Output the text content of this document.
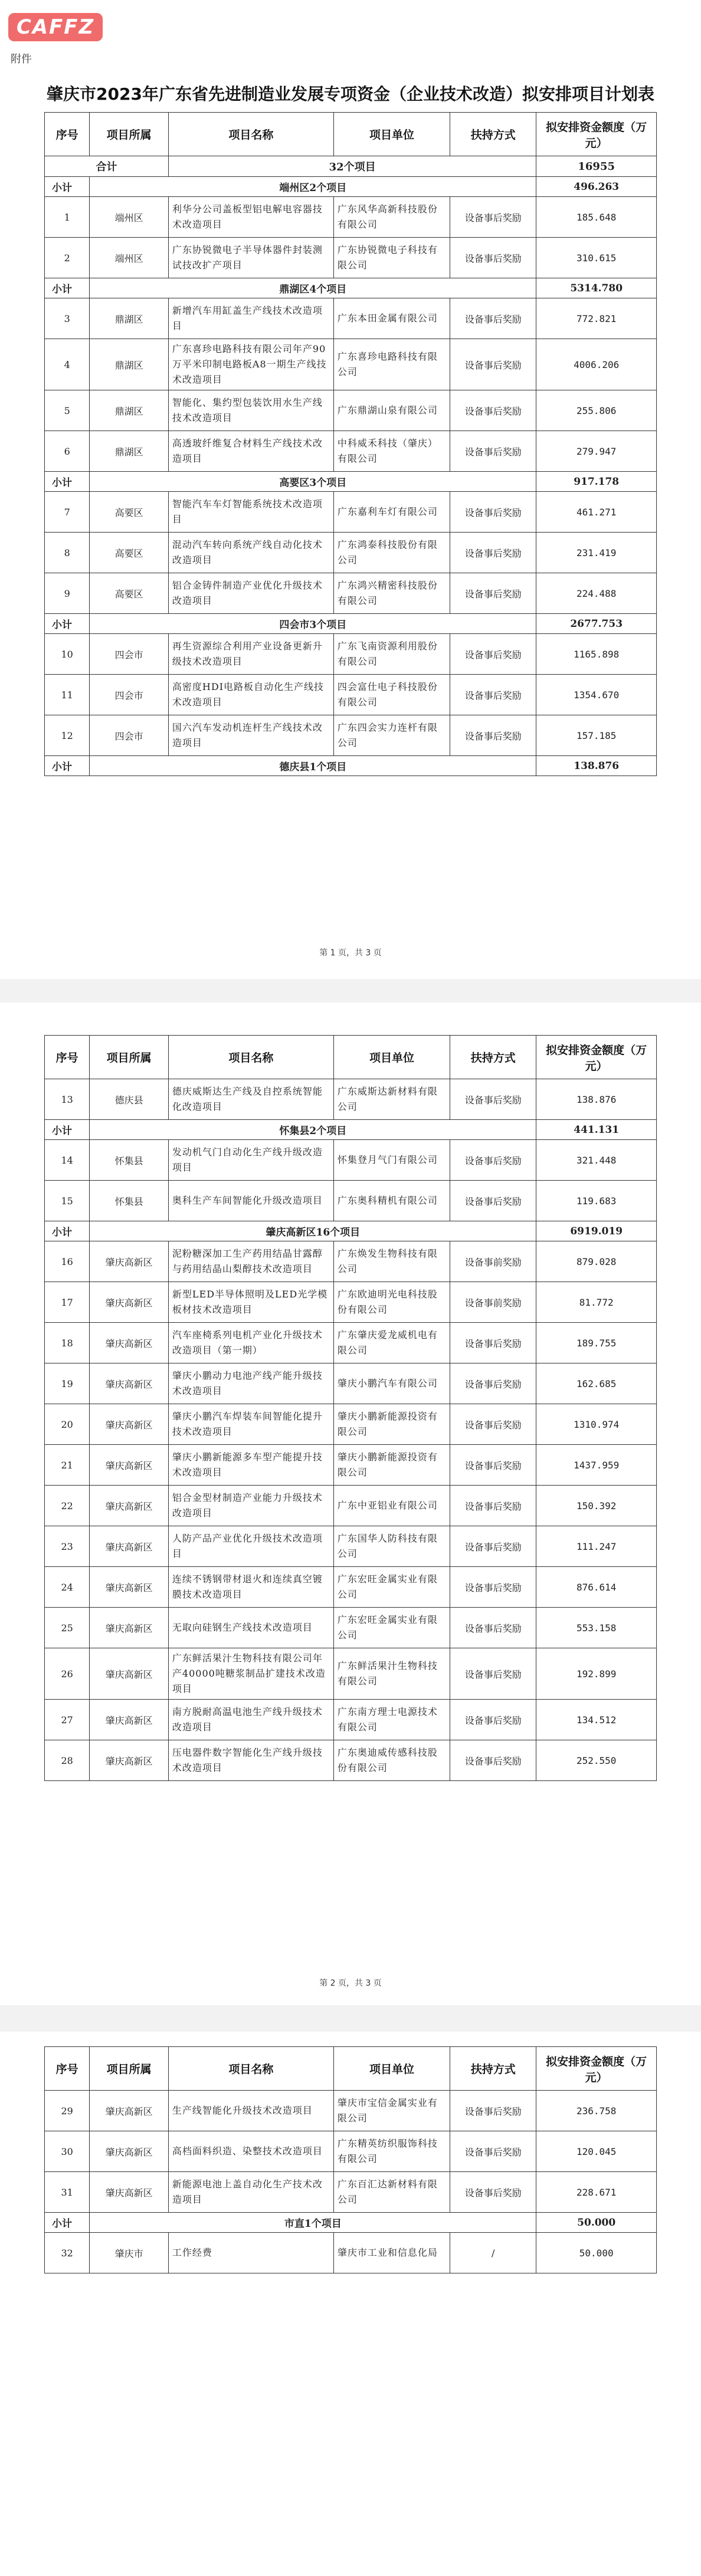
CAFFZ
附件
肇庆市2023年广东省先进制造业发展专项资金（企业技术改造）拟安排项目计划表
序号	项目所属	项目名称	项目单位	扶持方式	拟安排资金额度（万元）
合计		32个项目			16955
小计	端州区2个项目				496.263
1	端州区	利华分公司盖板型铝电解电容器技术改造项目	广东风华高新科技股份有限公司	设备事后奖励	185.648
2	端州区	广东协锐微电子半导体器件封装测试技改扩产项目	广东协锐微电子科技有限公司	设备事后奖励	310.615
小计	鼎湖区4个项目				5314.780
3	鼎湖区	新增汽车用缸盖生产线技术改造项目	广东本田金属有限公司	设备事后奖励	772.821
4	鼎湖区	广东喜珍电路科技有限公司年产90万平米印制电路板A8一期生产线技术改造项目	广东喜珍电路科技有限公司	设备事后奖励	4006.206
5	鼎湖区	智能化、集约型包装饮用水生产线技术改造项目	广东鼎湖山泉有限公司	设备事后奖励	255.806
6	鼎湖区	高透玻纤维复合材料生产线技术改造项目	中科威禾科技（肇庆）有限公司	设备事后奖励	279.947
小计	高要区3个项目				917.178
7	高要区	智能汽车车灯智能系统技术改造项目	广东嘉利车灯有限公司	设备事后奖励	461.271
8	高要区	混动汽车转向系统产线自动化技术改造项目	广东鸿泰科技股份有限公司	设备事后奖励	231.419
9	高要区	铝合金铸件制造产业优化升级技术改造项目	广东鸿兴精密科技股份有限公司	设备事后奖励	224.488
小计	四会市3个项目				2677.753
10	四会市	再生资源综合利用产业设备更新升级技术改造项目	广东飞南资源利用股份有限公司	设备事后奖励	1165.898
11	四会市	高密度HDI电路板自动化生产线技术改造项目	四会富仕电子科技股份有限公司	设备事后奖励	1354.670
12	四会市	国六汽车发动机连杆生产线技术改造项目	广东四会实力连杆有限公司	设备事后奖励	157.185
小计	德庆县1个项目				138.876
第 1 页，共 3 页
序号	项目所属	项目名称	项目单位	扶持方式	拟安排资金额度（万元）
13	德庆县	德庆威斯达生产线及自控系统智能化改造项目	广东威斯达新材料有限公司	设备事后奖励	138.876
小计	怀集县2个项目				441.131
14	怀集县	发动机气门自动化生产线升级改造项目	怀集登月气门有限公司	设备事后奖励	321.448
15	怀集县	奥科生产车间智能化升级改造项目	广东奥科精机有限公司	设备事后奖励	119.683
小计	肇庆高新区16个项目				6919.019
16	肇庆高新区	泥粉糖深加工生产药用结晶甘露醇与药用结晶山梨醇技术改造项目	广东焕发生物科技有限公司	设备事前奖励	879.028
17	肇庆高新区	新型LED半导体照明及LED光学模板材技术改造项目	广东欧迪明光电科技股份有限公司	设备事前奖励	81.772
18	肇庆高新区	汽车座椅系列电机产业化升级技术改造项目（第一期）	广东肇庆爱龙威机电有限公司	设备事后奖励	189.755
19	肇庆高新区	肇庆小鹏动力电池产线产能升级技术改造项目	肇庆小鹏汽车有限公司	设备事后奖励	162.685
20	肇庆高新区	肇庆小鹏汽车焊装车间智能化提升技术改造项目	肇庆小鹏新能源投资有限公司	设备事后奖励	1310.974
21	肇庆高新区	肇庆小鹏新能源多车型产能提升技术改造项目	肇庆小鹏新能源投资有限公司	设备事后奖励	1437.959
22	肇庆高新区	铝合金型材制造产业能力升级技术改造项目	广东中亚铝业有限公司	设备事后奖励	150.392
23	肇庆高新区	人防产品产业优化升级技术改造项目	广东国华人防科技有限公司	设备事后奖励	111.247
24	肇庆高新区	连续不锈钢带材退火和连续真空镀膜技术改造项目	广东宏旺金属实业有限公司	设备事后奖励	876.614
25	肇庆高新区	无取向硅钢生产线技术改造项目	广东宏旺金属实业有限公司	设备事后奖励	553.158
26	肇庆高新区	广东鲜活果汁生物科技有限公司年产40000吨糖浆制品扩建技术改造项目	广东鲜活果汁生物科技有限公司	设备事后奖励	192.899
27	肇庆高新区	南方脱耐高温电池生产线升级技术改造项目	广东南方理士电源技术有限公司	设备事后奖励	134.512
28	肇庆高新区	压电器件数字智能化生产线升级技术改造项目	广东奥迪威传感科技股份有限公司	设备事后奖励	252.550
第 2 页，共 3 页
序号	项目所属	项目名称	项目单位	扶持方式	拟安排资金额度（万元）
29	肇庆高新区	生产线智能化升级技术改造项目	肇庆市宝信金属实业有限公司	设备事后奖励	236.758
30	肇庆高新区	高档面料织造、染整技术改造项目	广东精英纺织服饰科技有限公司	设备事后奖励	120.045
31	肇庆高新区	新能源电池上盖自动化生产技术改造项目	广东百汇达新材料有限公司	设备事后奖励	228.671
小计	市直1个项目				50.000
32	肇庆市	工作经费	肇庆市工业和信息化局	/	50.000
